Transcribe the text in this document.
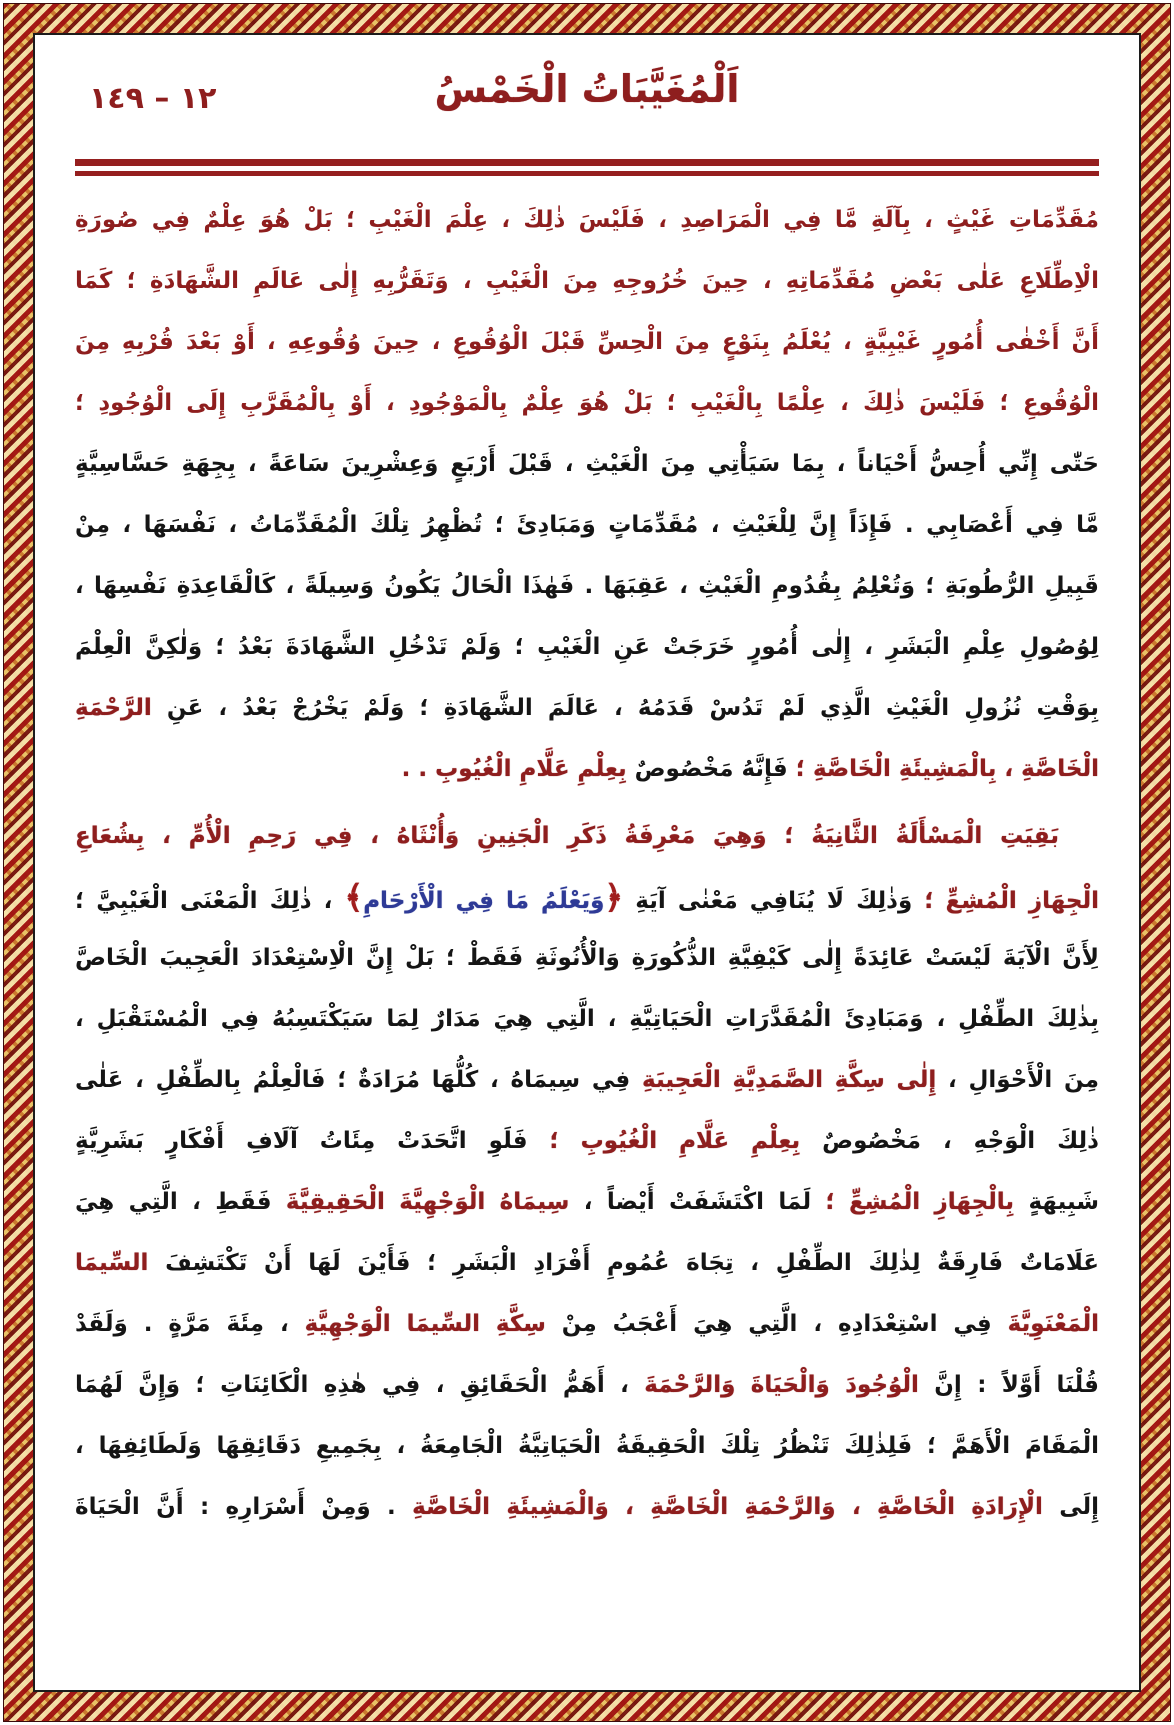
١٢ – ١٤٩	اَلْمُغَيَّبَاتُ الْخَمْسُ
مُقَدِّمَاتِ غَيْثٍ ، بِآلَةِ مَّا فِي الْمَرَاصِدِ ، فَلَيْسَ ذٰلِكَ ، عِلْمَ الْغَيْبِ ؛ بَلْ هُوَ عِلْمٌ فِي صُورَةِ
الْاِطِّلَاعِ عَلٰى بَعْضِ مُقَدِّمَاتِهِ ، حِينَ خُرُوجِهِ مِنَ الْغَيْبِ ، وَتَقَرُّبِهِ إِلٰى عَالَمِ الشَّهَادَةِ ؛ كَمَا
أَنَّ أَخْفٰى أُمُورٍ غَيْبِيَّةٍ ، يُعْلَمُ بِنَوْعٍ مِنَ الْحِسِّ قَبْلَ الْوُقُوعِ ، حِينَ وُقُوعِهِ ، أَوْ بَعْدَ قُرْبِهِ مِنَ
الْوُقُوعِ ؛ فَلَيْسَ ذٰلِكَ ، عِلْمًا بِالْغَيْبِ ؛ بَلْ هُوَ عِلْمٌ بِالْمَوْجُودِ ، أَوْ بِالْمُقَرَّبِ إِلَى الْوُجُودِ ؛
حَتّٰى إِنِّي أُحِسُّ أَحْيَاناً ، بِمَا سَيَأْتِي مِنَ الْغَيْثِ ، قَبْلَ أَرْبَعٍ وَعِشْرِينَ سَاعَةً ، بِجِهَةِ حَسَّاسِيَّةٍ
مَّا فِي أَعْصَابِي . فَإِذَاً إِنَّ لِلْغَيْثِ ، مُقَدِّمَاتٍ وَمَبَادِئَ ؛ تُظْهِرُ تِلْكَ الْمُقَدِّمَاتُ ، نَفْسَهَا ، مِنْ
قَبِيلِ الرُّطُوبَةِ ؛ وَتُعْلِمُ بِقُدُومِ الْغَيْثِ ، عَقِبَهَا . فَهٰذَا الْحَالُ يَكُونُ وَسِيلَةً ، كَالْقَاعِدَةِ نَفْسِهَا ،
لِوُصُولِ عِلْمِ الْبَشَرِ ، إِلٰى أُمُورٍ خَرَجَتْ عَنِ الْغَيْبِ ؛ وَلَمْ تَدْخُلِ الشَّهَادَةَ بَعْدُ ؛ وَلٰكِنَّ الْعِلْمَ
بِوَقْتِ نُزُولِ الْغَيْثِ الَّذِي لَمْ تَدُسْ قَدَمُهُ ، عَالَمَ الشَّهَادَةِ ؛ وَلَمْ يَخْرُجْ بَعْدُ ، عَنِ الرَّحْمَةِ
الْخَاصَّةِ ، بِالْمَشِيئَةِ الْخَاصَّةِ ؛ فَإِنَّهُ مَخْصُوصٌ بِعِلْمِ عَلَّامِ الْغُيُوبِ . .
بَقِيَتِ الْمَسْأَلَةُ الثَّانِيَةُ ؛ وَهِيَ مَعْرِفَةُ ذَكَرِ الْجَنِينِ وَأُنْثَاهُ ، فِي رَحِمِ الْأُمِّ ، بِشُعَاعِ
الْجِهَازِ الْمُشِعِّ ؛ وَذٰلِكَ لَا يُنَافِي مَعْنٰى آيَةِ ﴿وَيَعْلَمُ مَا فِي الْأَرْحَامِ﴾ ، ذٰلِكَ الْمَعْنَى الْغَيْبِيَّ ؛
لِأَنَّ الْآيَةَ لَيْسَتْ عَائِدَةً إِلٰى كَيْفِيَّةِ الذُّكُورَةِ وَالْأُنُوثَةِ فَقَطْ ؛ بَلْ إِنَّ الْاِسْتِعْدَادَ الْعَجِيبَ الْخَاصَّ
بِذٰلِكَ الطِّفْلِ ، وَمَبَادِئَ الْمُقَدَّرَاتِ الْحَيَاتِيَّةِ ، الَّتِي هِيَ مَدَارٌ لِمَا سَيَكْتَسِبُهُ فِي الْمُسْتَقْبَلِ ،
مِنَ الْأَحْوَالِ ، إِلٰى سِكَّةِ الصَّمَدِيَّةِ الْعَجِيبَةِ فِي سِيمَاهُ ، كُلُّهَا مُرَادَةٌ ؛ فَالْعِلْمُ بِالطِّفْلِ ، عَلٰى
ذٰلِكَ الْوَجْهِ ، مَخْصُوصٌ بِعِلْمِ عَلَّامِ الْغُيُوبِ ؛ فَلَوِ اتَّحَدَتْ مِئَاتُ آلَافِ أَفْكَارٍ بَشَرِيَّةٍ
شَبِيهَةٍ بِالْجِهَازِ الْمُشِعِّ ؛ لَمَا اكْتَشَفَتْ أَيْضاً ، سِيمَاهُ الْوَجْهِيَّةَ الْحَقِيقِيَّةَ فَقَطِ ، الَّتِي هِيَ
عَلَامَاتٌ فَارِقَةٌ لِذٰلِكَ الطِّفْلِ ، تِجَاهَ عُمُومِ أَفْرَادِ الْبَشَرِ ؛ فَأَيْنَ لَهَا أَنْ تَكْتَشِفَ السِّيمَا
الْمَعْنَوِيَّةَ فِي اسْتِعْدَادِهِ ، الَّتِي هِيَ أَعْجَبُ مِنْ سِكَّةِ السِّيمَا الْوَجْهِيَّةِ ، مِئَةَ مَرَّةٍ . وَلَقَدْ
قُلْنَا أَوَّلاً : إِنَّ الْوُجُودَ وَالْحَيَاةَ وَالرَّحْمَةَ ، أَهَمُّ الْحَقَائِقِ ، فِي هٰذِهِ الْكَائِنَاتِ ؛ وَإِنَّ لَهُمَا
الْمَقَامَ الْأَهَمَّ ؛ فَلِذٰلِكَ تَنْظُرُ تِلْكَ الْحَقِيقَةُ الْحَيَاتِيَّةُ الْجَامِعَةُ ، بِجَمِيعِ دَقَائِقِهَا وَلَطَائِفِهَا ،
إِلَى الْإِرَادَةِ الْخَاصَّةِ ، وَالرَّحْمَةِ الْخَاصَّةِ ، وَالْمَشِيئَةِ الْخَاصَّةِ . وَمِنْ أَسْرَارِهِ : أَنَّ الْحَيَاةَ
